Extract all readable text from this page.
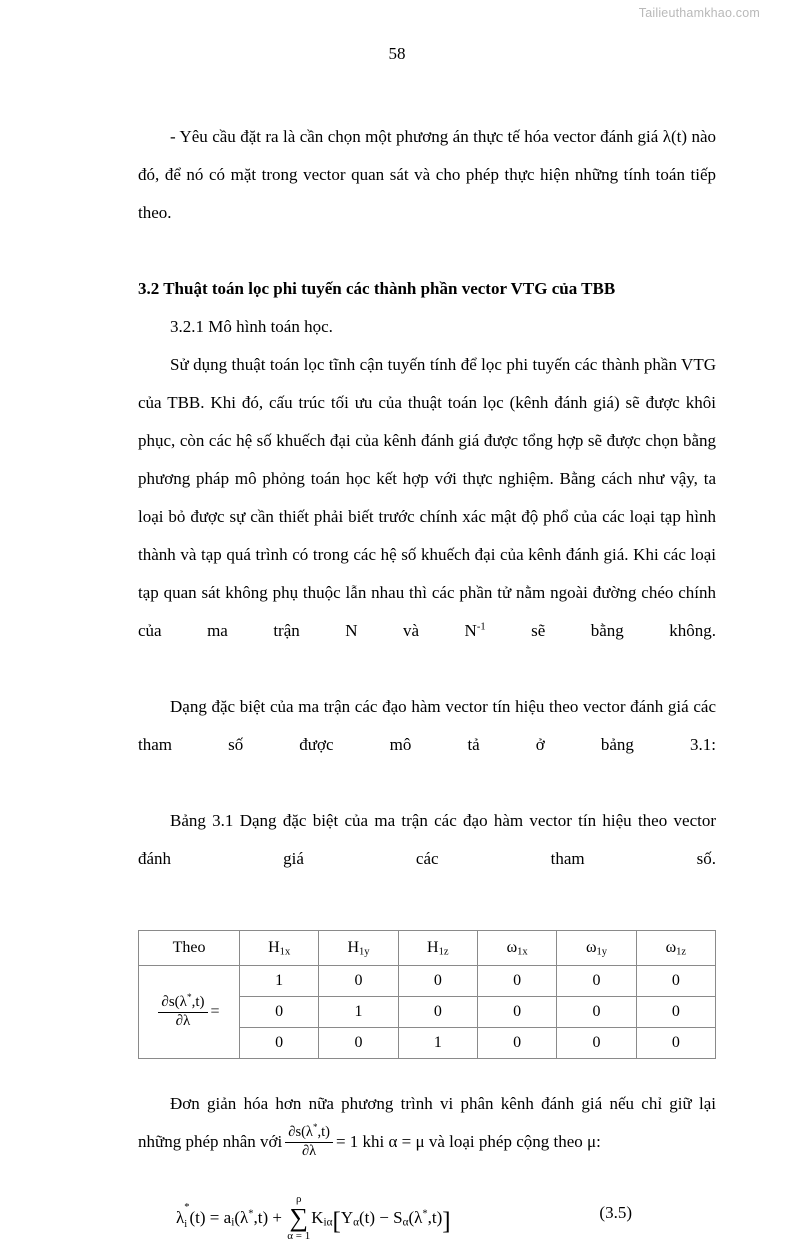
Tailieuthamkhao.com
58

- Yêu cầu đặt ra là cần chọn một phương án thực tế hóa vector đánh giá λ(t) nào đó, để nó có mặt trong vector quan sát và cho phép thực hiện những tính toán tiếp theo.

3.2 Thuật toán lọc phi tuyến các thành phần vector VTG của TBB

3.2.1 Mô hình toán học.

Sử dụng thuật toán lọc tĩnh cận tuyến tính để lọc phi tuyến các thành phần VTG của TBB. Khi đó, cấu trúc tối ưu của thuật toán lọc (kênh đánh giá) sẽ được khôi phục, còn các hệ số khuếch đại của kênh đánh giá được tổng hợp sẽ được chọn bằng phương pháp mô phỏng toán học kết hợp với thực nghiệm. Bằng cách như vậy, ta loại bỏ được sự cần thiết phải biết trước chính xác mật độ phổ của các loại tạp hình thành và tạp quá trình có trong các hệ số khuếch đại của kênh đánh giá. Khi các loại tạp quan sát không phụ thuộc lẫn nhau thì các phần tử nằm ngoài đường chéo chính của ma trận N và $N^{-1}$ sẽ bằng không.

Dạng đặc biệt của ma trận các đạo hàm vector tín hiệu theo vector đánh giá các tham số được mô tả ở bảng 3.1:

Bảng 3.1 Dạng đặc biệt của ma trận các đạo hàm vector tín hiệu theo vector đánh giá các tham số.

Theo	$H_{1x}$	$H_{1y}$	$H_{1z}$	$\omega_{1x}$	$\omega_{1y}$	$\omega_{1z}$

$\frac{\partial s(\lambda^*,t)}{\partial\lambda}$ =	1	0	0	0	0	0
	0	1	0	0	0	0
	0	0	1	0	0	0

Đơn giản hóa hơn nữa phương trình vi phân kênh đánh giá nếu chỉ giữ lại những phép nhân với $\frac{\partial s(\lambda^*,t)}{\partial\lambda} = 1$ khi α = μ và loại phép cộng theo μ:

λ
*
i $(t) = a_i(\lambda^*,t)$ +
ρ
∑
α = 1
$K_{i\alpha}[Y_\alpha(t) - S_\alpha(\lambda^*,t)]$	(3.5)
